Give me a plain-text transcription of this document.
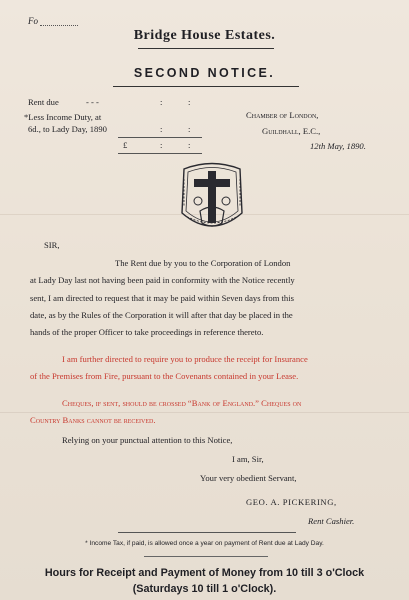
Fo
Bridge House Estates.
SECOND NOTICE.
Rent due	- - -	:	:
*Less Income Duty, at
6d., to Lady Day, 1890	:	:
£	:	:
Chamber of London,
Guildhall, E.C.,
12th May, 1890.
SIR,
The Rent due by you to the Corporation of London
at Lady Day last not having been paid in conformity with the Notice recently
sent, I am directed to request that it may be paid within Seven days from this
date, as by the Rules of the Corporation it will after that day be placed in the
hands of the proper Officer to take proceedings in reference thereto.
I am further directed to require you to produce the receipt for Insurance
of the Premises from Fire, pursuant to the Covenants contained in your Lease.
Cheques, if sent, should be crossed “Bank of England.” Cheques on
Country Banks cannot be received.
Relying on your punctual attention to this Notice,
I am, Sir,
Your very obedient Servant,
GEO. A. PICKERING,
Rent Cashier.
* Income Tax, if paid, is allowed once a year on payment of Rent due at Lady Day.
Hours for Receipt and Payment of Money from 10 till 3 o'Clock
(Saturdays 10 till 1 o'Clock).
